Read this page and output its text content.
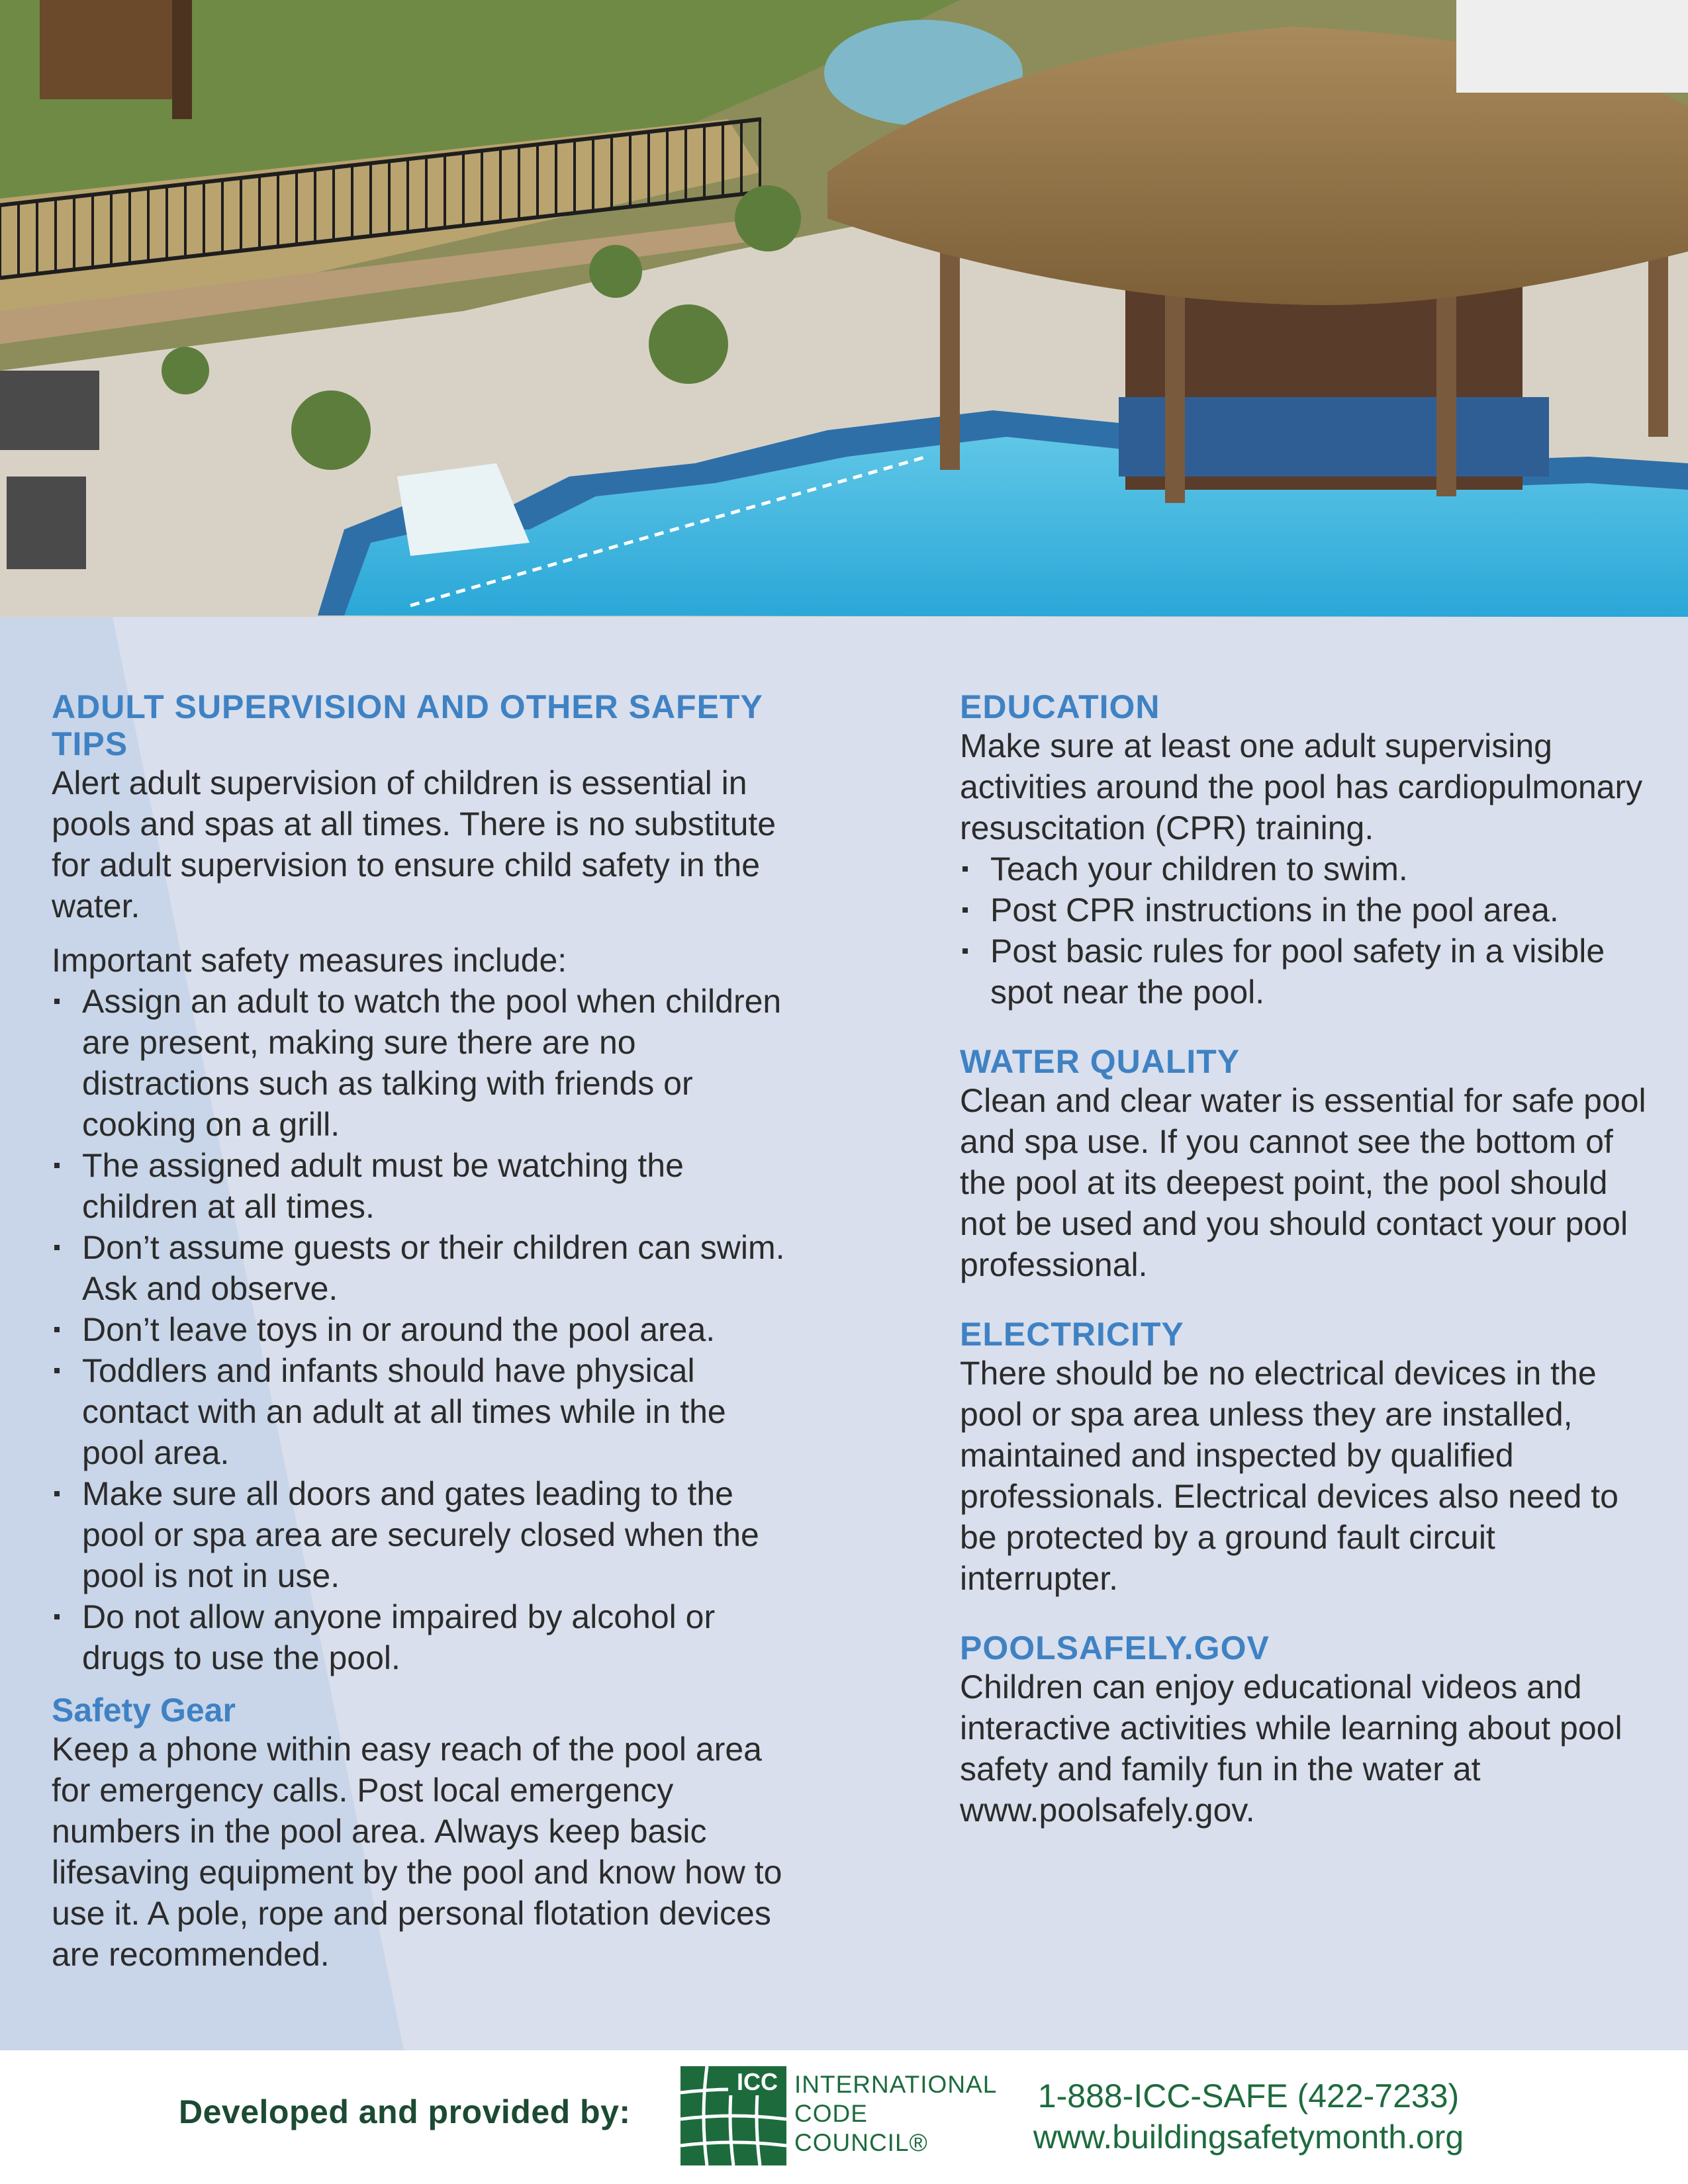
ADULT SUPERVISION AND OTHER SAFETY TIPS

Alert adult supervision of children is essential in pools and spas at all times. There is no substitute for adult supervision to ensure child safety in the water.

Important safety measures include:

Assign an adult to watch the pool when children are present, making sure there are no distractions such as talking with friends or cooking on a grill.
The assigned adult must be watching the children at all times.
Don’t assume guests or their children can swim. Ask and observe.
Don’t leave toys in or around the pool area.
Toddlers and infants should have physical contact with an adult at all times while in the pool area.
Make sure all doors and gates leading to the pool or spa area are securely closed when the pool is not in use.
Do not allow anyone impaired by alcohol or drugs to use the pool.
Safety Gear

Keep a phone within easy reach of the pool area for emergency calls. Post local emergency numbers in the pool area. Always keep basic lifesaving equipment by the pool and know how to use it. A pole, rope and personal flotation devices are recommended.

EDUCATION

Make sure at least one adult supervising activities around the pool has cardiopulmonary resuscitation (CPR) training.

Teach your children to swim.
Post CPR instructions in the pool area.
Post basic rules for pool safety in a visible spot near the pool.
WATER QUALITY

Clean and clear water is essential for safe pool and spa use. If you cannot see the bottom of the pool at its deepest point, the pool should not be used and you should contact your pool professional.

ELECTRICITY

There should be no electrical devices in the pool or spa area unless they are installed, maintained and inspected by qualified professionals. Electrical devices also need to be protected by a ground fault circuit interrupter.

POOLSAFELY.GOV

Children can enjoy educational videos and interactive activities while learning about pool safety and family fun in the water at www.poolsafely.gov.

Developed and provided by:
ICC INTERNATIONAL
CODE
COUNCIL®
1-888-ICC-SAFE (422-7233)
www.buildingsafetymonth.org
